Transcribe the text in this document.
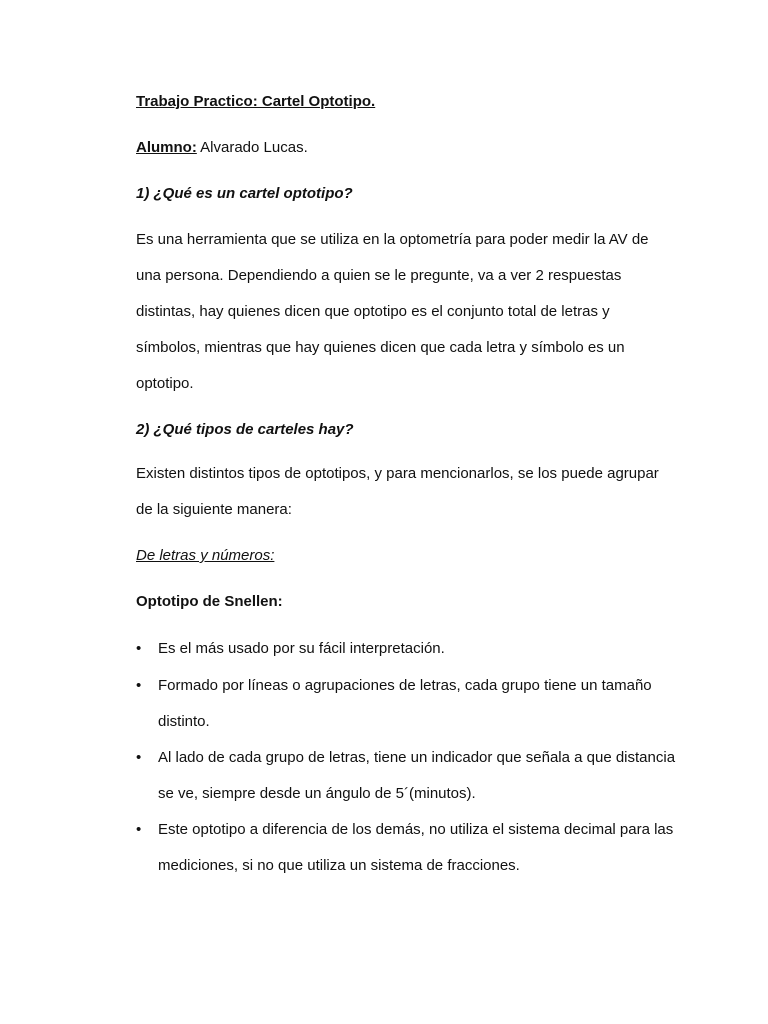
Trabajo Practico: Cartel Optotipo.
Alumno: Alvarado Lucas.
1) ¿Qué es un cartel optotipo?
Es una herramienta que se utiliza en la optometría para poder medir la AV de
una persona. Dependiendo a quien se le pregunte, va a ver 2 respuestas
distintas, hay quienes dicen que optotipo es el conjunto total de letras y
símbolos, mientras que hay quienes dicen que cada letra y símbolo es un
optotipo.
2) ¿Qué tipos de carteles hay?
Existen distintos tipos de optotipos, y para mencionarlos, se los puede agrupar
de la siguiente manera:
De letras y números:
Optotipo de Snellen:
• Es el más usado por su fácil interpretación.
• Formado por líneas o agrupaciones de letras, cada grupo tiene un tamaño
distinto.
• Al lado de cada grupo de letras, tiene un indicador que señala a que distancia
se ve, siempre desde un ángulo de 5´(minutos).
• Este optotipo a diferencia de los demás, no utiliza el sistema decimal para las
mediciones, si no que utiliza un sistema de fracciones.
